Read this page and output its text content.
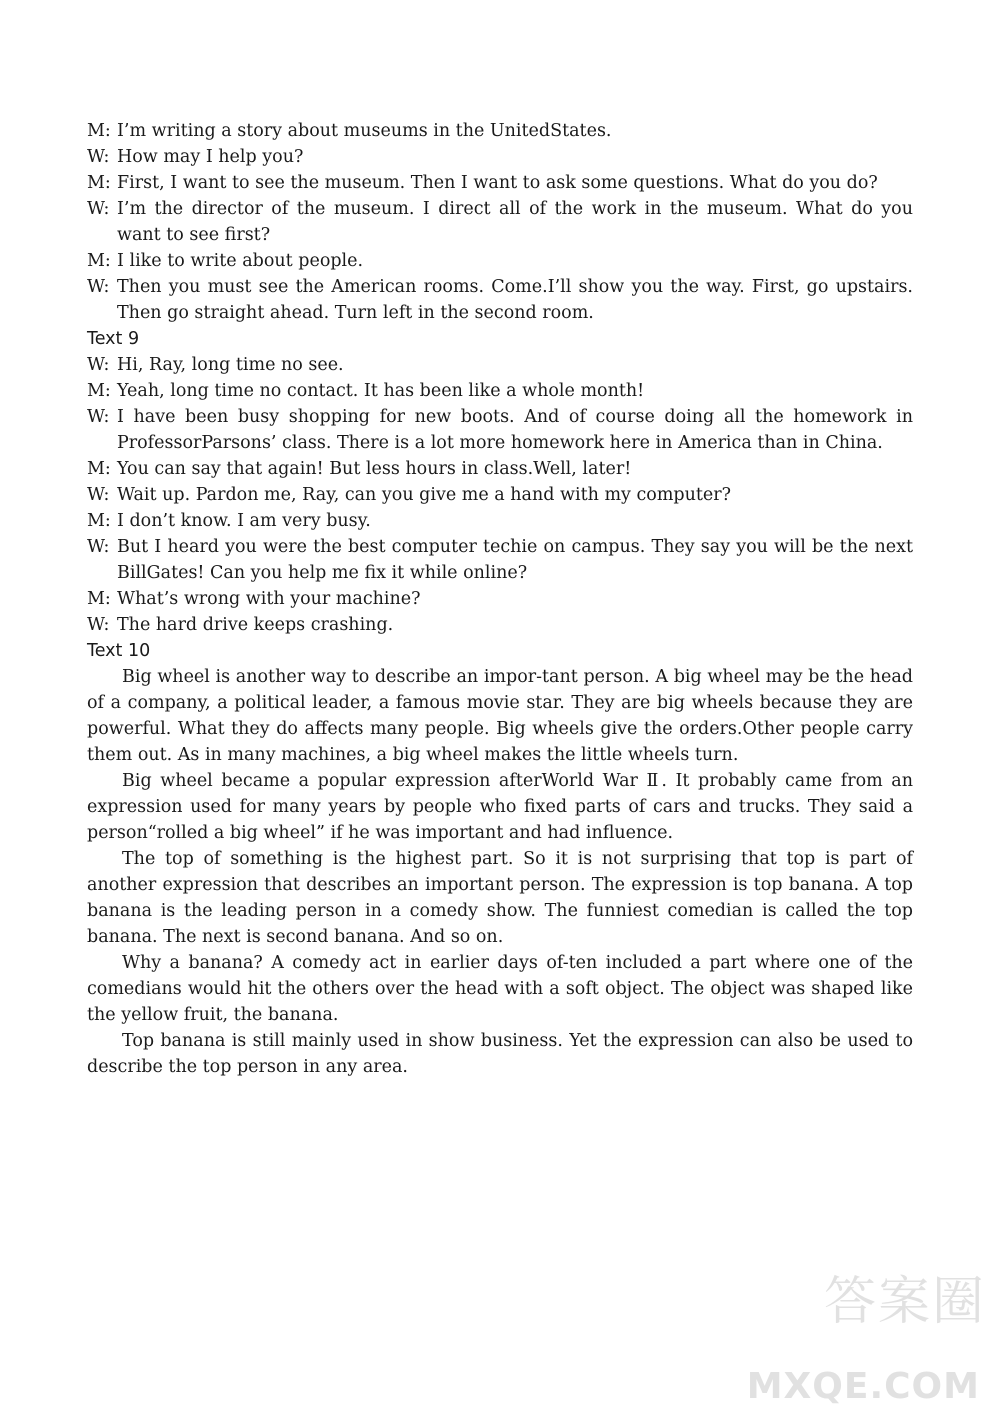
M: I’m writing a story about museums in the UnitedStates.
W: How may I help you?
M: First, I want to see the museum. Then I want to ask some questions. What do you do?
W: I’m the director of the museum. I direct all of the work in the museum. What do you want to see first?
M: I like to write about people.
W: Then you must see the American rooms. Come.I’ll show you the way. First, go upstairs. Then go straight ahead. Turn left in the second room.
Text 9
W: Hi, Ray, long time no see.
M: Yeah, long time no contact. It has been like a whole month!
W: I have been busy shopping for new boots. And of course doing all the homework in ProfessorParsons’ class. There is a lot more homework here in America than in China.
M: You can say that again! But less hours in class.Well, later!
W: Wait up. Pardon me, Ray, can you give me a hand with my computer?
M: I don’t know. I am very busy.
W: But I heard you were the best computer techie on campus. They say you will be the next BillGates! Can you help me fix it while online?
M: What’s wrong with your machine?
W: The hard drive keeps crashing.
Text 10

Big wheel is another way to describe an impor-tant person. A big wheel may be the head of a company, a political leader, a famous movie star. They are big wheels because they are powerful. What they do affects many people. Big wheels give the orders.Other people carry them out. As in many machines, a big wheel makes the little wheels turn.

Big wheel became a popular expression afterWorld War Ⅱ. It probably came from an expression used for many years by people who fixed parts of cars and trucks. They said a person“rolled a big wheel” if he was important and had influence.

The top of something is the highest part. So it is not surprising that top is part of another expression that describes an important person. The expression is top banana. A top banana is the leading person in a comedy show. The funniest comedian is called the top banana. The next is second banana. And so on.

Why a banana? A comedy act in earlier days of-ten included a part where one of the comedians would hit the others over the head with a soft object. The object was shaped like the yellow fruit, the banana.

Top banana is still mainly used in show business. Yet the expression can also be used to describe the top person in any area.

答案圈
MXQE.COM
